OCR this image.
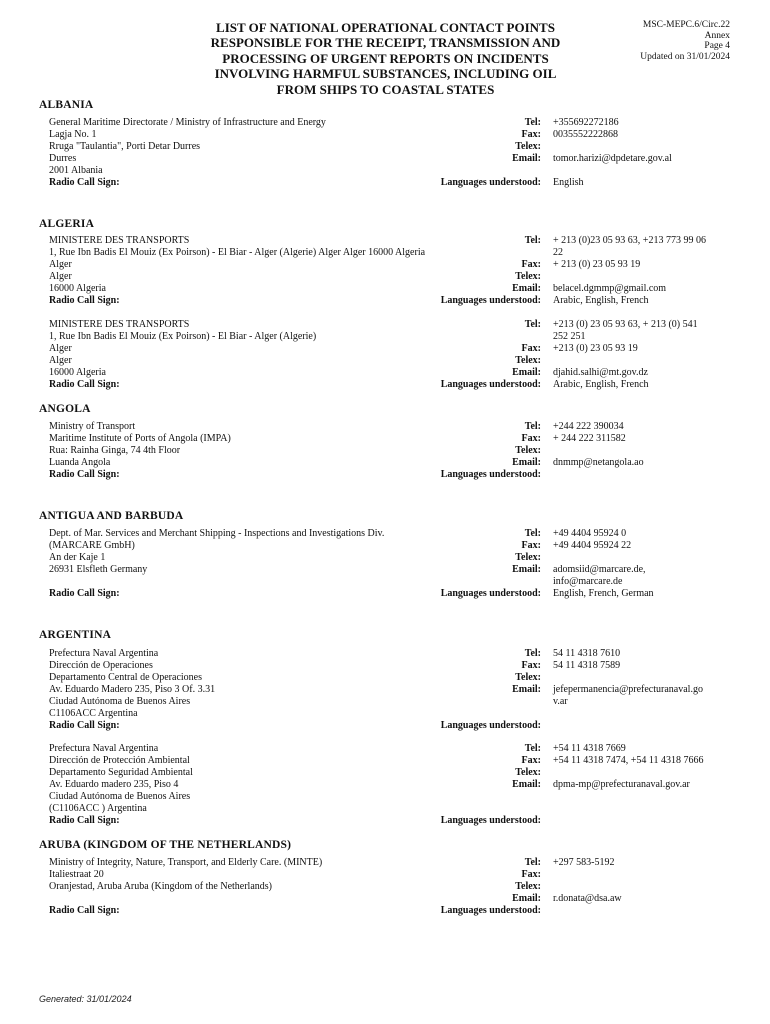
LIST OF NATIONAL OPERATIONAL CONTACT POINTS
RESPONSIBLE FOR THE RECEIPT, TRANSMISSION AND
PROCESSING OF URGENT REPORTS ON INCIDENTS
INVOLVING HARMFUL SUBSTANCES, INCLUDING OIL
FROM SHIPS TO COASTAL STATES
MSC-MEPC.6/Circ.22
Annex
Page 4
Updated on 31/01/2024
ALBANIA
General Maritime Directorate / Ministry of Infrastructure and Energy
Lagja No. 1
Rruga "Taulantia", Porti Detar Durres
Durres
2001 Albania
Radio Call Sign:
Tel: +355692272186
Fax: 0035552222868
Telex:
Email: tomor.harizi@dpdetare.gov.al
Languages understood: English
ALGERIA
MINISTERE DES TRANSPORTS
1, Rue Ibn Badis El Mouiz (Ex Poirson) - El Biar - Alger (Algerie) Alger Alger 16000 Algeria
Alger
Alger
16000 Algeria
Radio Call Sign:
Tel: + 213 (0)23 05 93 63, +213 773 99 06
22
Fax: + 213 (0) 23 05 93 19
Telex:
Email: belacel.dgmmp@gmail.com
Languages understood: Arabic, English, French
MINISTERE DES TRANSPORTS
1, Rue Ibn Badis El Mouiz (Ex Poirson) - El Biar - Alger (Algerie)
Alger
Alger
16000 Algeria
Radio Call Sign:
Tel: +213 (0) 23 05 93 63, + 213 (0) 541
252 251
Fax: +213 (0) 23 05 93 19
Telex:
Email: djahid.salhi@mt.gov.dz
Languages understood: Arabic, English, French
ANGOLA
Ministry of Transport
Maritime Institute of Ports of Angola (IMPA)
Rua: Rainha Ginga, 74 4th Floor
Luanda Angola
Radio Call Sign:
Tel: +244 222 390034
Fax: + 244 222 311582
Telex:
Email: dnmmp@netangola.ao
Languages understood:
ANTIGUA AND BARBUDA
Dept. of Mar. Services and Merchant Shipping - Inspections and Investigations Div.
(MARCARE GmbH)
An der Kaje 1
26931 Elsfleth Germany
Radio Call Sign:
Tel: +49 4404 95924 0
Fax: +49 4404 95924 22
Telex:
Email: adomsiid@marcare.de,
info@marcare.de
Languages understood: English, French, German
ARGENTINA
Prefectura Naval Argentina
Dirección de Operaciones
Departamento Central de Operaciones
Av. Eduardo Madero 235, Piso 3 Of. 3.31
Ciudad Autónoma de Buenos Aires
C1106ACC Argentina
Radio Call Sign:
Tel: 54 11 4318 7610
Fax: 54 11 4318 7589
Telex:
Email: jefepermanencia@prefecturanaval.go
v.ar
Languages understood:
Prefectura Naval Argentina
Dirección de Protección Ambiental
Departamento Seguridad Ambiental
Av. Eduardo madero 235, Piso 4
Ciudad Autónoma de Buenos Aires
(C1106ACC ) Argentina
Radio Call Sign:
Tel: +54 11 4318 7669
Fax: +54 11 4318 7474, +54 11 4318 7666
Telex:
Email: dpma-mp@prefecturanaval.gov.ar
Languages understood:
ARUBA (KINGDOM OF THE NETHERLANDS)
Ministry of Integrity, Nature, Transport, and Elderly Care. (MINTE)
Italiestraat 20
Oranjestad, Aruba Aruba (Kingdom of the Netherlands)
Radio Call Sign:
Tel: +297 583-5192
Fax:
Telex:
Email: r.donata@dsa.aw
Languages understood:
Generated: 31/01/2024
